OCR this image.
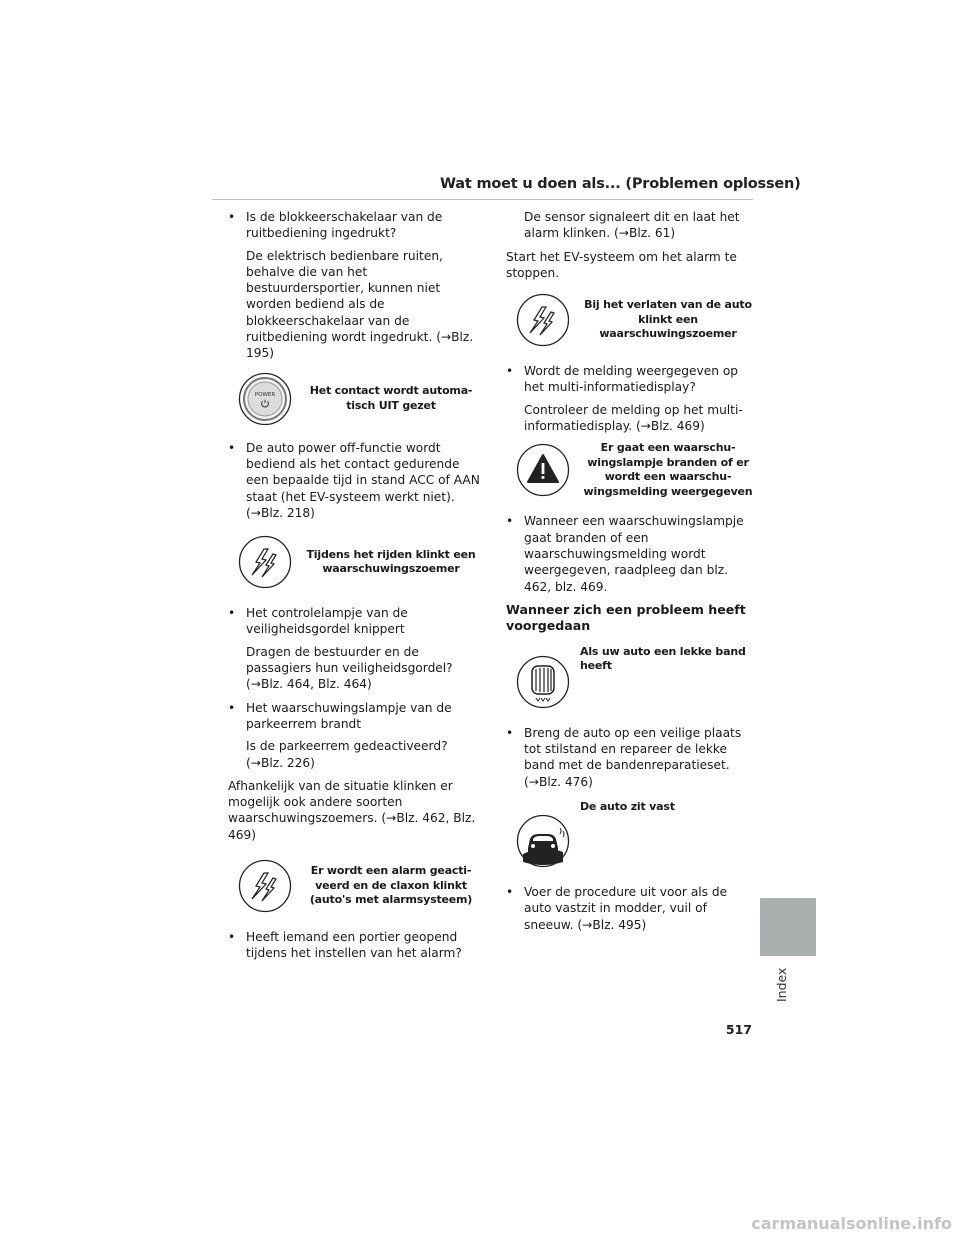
Wat moet u doen als... (Problemen oplossen)
• Is de blokkeerschakelaar van de ruitbediening ingedrukt?
De elektrisch bedienbare ruiten, behalve die van het bestuurdersportier, kunnen niet worden bediend als de blokkeerschakelaar van de ruitbediening wordt ingedrukt. (→Blz. 195)
POWER	Het contact wordt automa-tisch UIT gezet
• De auto power off-functie wordt bediend als het contact gedurende een bepaalde tijd in stand ACC of AAN staat (het EV-systeem werkt niet). (→Blz. 218)
Tijdens het rijden klinkt een waarschuwingszoemer
• Het controlelampje van de veiligheidsgordel knippert
Dragen de bestuurder en de passagiers hun veiligheidsgordel? (→Blz. 464, Blz. 464)
• Het waarschuwingslampje van de parkeerrem brandt
Is de parkeerrem gedeactiveerd? (→Blz. 226)
Afhankelijk van de situatie klinken er mogelijk ook andere soorten waarschuwingszoemers. (→Blz. 462, Blz. 469)
Er wordt een alarm geacti-veerd en de claxon klinkt (auto's met alarmsysteem)
• Heeft iemand een portier geopend tijdens het instellen van het alarm?
De sensor signaleert dit en laat het alarm klinken. (→Blz. 61)
Start het EV-systeem om het alarm te stoppen.
Bij het verlaten van de auto klinkt een waarschuwingszoemer
• Wordt de melding weergegeven op het multi-informatiedisplay?
Controleer de melding op het multi-informatiedisplay. (→Blz. 469)
Er gaat een waarschu-wingslampje branden of er wordt een waarschu-wingsmelding weergegeven
• Wanneer een waarschuwingslampje gaat branden of een waarschuwingsmelding wordt weergegeven, raadpleeg dan blz. 462, blz. 469.
Wanneer zich een probleem heeft voorgedaan
Als uw auto een lekke band heeft
• Breng de auto op een veilige plaats tot stilstand en repareer de lekke band met de bandenreparatieset. (→Blz. 476)
De auto zit vast
• Voer de procedure uit voor als de auto vastzit in modder, vuil of sneeuw. (→Blz. 495)
Index
517
carmanualsonline.info
